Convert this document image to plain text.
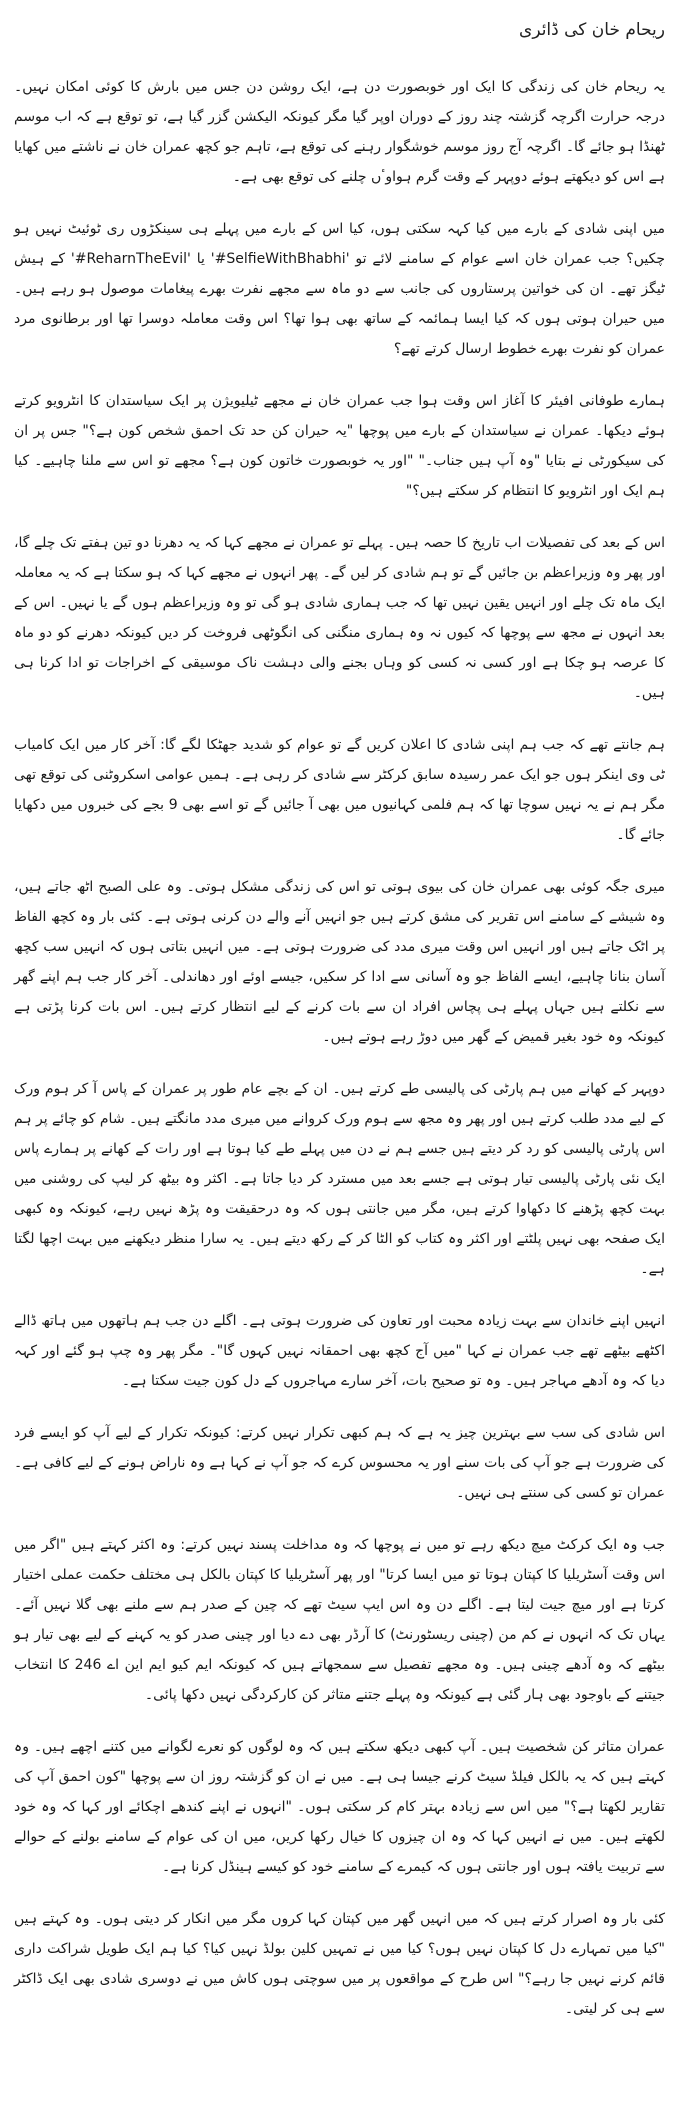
ریحام خان کی ڈائری

یہ ریحام خان کی زندگی کا ایک اور خوبصورت دن ہے، ایک روشن دن جس میں بارش کا کوئی امکان نہیں۔ درجہ حرارت اگرچہ گزشتہ چند روز کے دوران اوپر گیا مگر کیونکہ الیکشن گزر گیا ہے، تو توقع ہے کہ اب موسم ٹھنڈا ہو جائے گا۔ اگرچہ آج روز موسم خوشگوار رہنے کی توقع ہے، تاہم جو کچھ عمران خان نے ناشتے میں کھایا ہے اس کو دیکھتے ہوئے دوپہر کے وقت گرم ہواوٴں چلنے کی توقع بھی ہے۔

میں اپنی شادی کے بارے میں کیا کہہ سکتی ہوں، کیا اس کے بارے میں پہلے ہی سینکڑوں ری ٹوئیٹ نہیں ہو چکیں؟ جب عمران خان اسے عوام کے سامنے لائے تو 'SelfieWithBhabhi#' یا 'ReharnTheEvil#' کے ہیش ٹیگز تھے۔ ان کی خواتین پرستاروں کی جانب سے دو ماہ سے مجھے نفرت بھرے پیغامات موصول ہو رہے ہیں۔ میں حیران ہوتی ہوں کہ کیا ایسا ہمائمہ کے ساتھ بھی ہوا تھا؟ اس وقت معاملہ دوسرا تھا اور برطانوی مرد عمران کو نفرت بھرے خطوط ارسال کرتے تھے؟

ہمارے طوفانی افیئر کا آغاز اس وقت ہوا جب عمران خان نے مجھے ٹیلیویژن پر ایک سیاستدان کا انٹرویو کرتے ہوئے دیکھا۔ عمران نے سیاستدان کے بارے میں پوچھا "یہ حیران کن حد تک احمق شخص کون ہے؟" جس پر ان کی سیکورٹی نے بتایا "وہ آپ ہیں جناب۔" "اور یہ خوبصورت خاتون کون ہے؟ مجھے تو اس سے ملنا چاہیے۔ کیا ہم ایک اور انٹرویو کا انتظام کر سکتے ہیں؟"

اس کے بعد کی تفصیلات اب تاریخ کا حصہ ہیں۔ پہلے تو عمران نے مجھے کہا کہ یہ دھرنا دو تین ہفتے تک چلے گا، اور پھر وہ وزیراعظم بن جائیں گے تو ہم شادی کر لیں گے۔ پھر انہوں نے مجھے کہا کہ ہو سکتا ہے کہ یہ معاملہ ایک ماہ تک چلے اور انہیں یقین نہیں تھا کہ جب ہماری شادی ہو گی تو وہ وزیراعظم ہوں گے یا نہیں۔ اس کے بعد انہوں نے مجھ سے پوچھا کہ کیوں نہ وہ ہماری منگنی کی انگوٹھی فروخت کر دیں کیونکہ دھرنے کو دو ماہ کا عرصہ ہو چکا ہے اور کسی نہ کسی کو وہاں بجنے والی دہشت ناک موسیقی کے اخراجات تو ادا کرنا ہی ہیں۔

ہم جانتے تھے کہ جب ہم اپنی شادی کا اعلان کریں گے تو عوام کو شدید جھٹکا لگے گا: آخر کار میں ایک کامیاب ٹی وی اینکر ہوں جو ایک عمر رسیدہ سابق کرکٹر سے شادی کر رہی ہے۔ ہمیں عوامی اسکروٹنی کی توقع تھی مگر ہم نے یہ نہیں سوچا تھا کہ ہم فلمی کہانیوں میں بھی آ جائیں گے تو اسے بھی 9 بجے کی خبروں میں دکھایا جائے گا۔

میری جگہ کوئی بھی عمران خان کی بیوی ہوتی تو اس کی زندگی مشکل ہوتی۔ وہ علی الصبح اٹھ جاتے ہیں، وہ شیشے کے سامنے اس تقریر کی مشق کرتے ہیں جو انہیں آنے والے دن کرنی ہوتی ہے۔ کئی بار وہ کچھ الفاظ پر اٹک جاتے ہیں اور انہیں اس وقت میری مدد کی ضرورت ہوتی ہے۔ میں انہیں بتاتی ہوں کہ انہیں سب کچھ آسان بنانا چاہیے، ایسے الفاظ جو وہ آسانی سے ادا کر سکیں، جیسے اوئے اور دھاندلی۔ آخر کار جب ہم اپنے گھر سے نکلتے ہیں جہاں پہلے ہی پچاس افراد ان سے بات کرنے کے لیے انتظار کرتے ہیں۔ اس بات کرنا پڑتی ہے کیونکہ وہ خود بغیر قمیض کے گھر میں دوڑ رہے ہوتے ہیں۔

دوپہر کے کھانے میں ہم پارٹی کی پالیسی طے کرتے ہیں۔ ان کے بچے عام طور پر عمران کے پاس آ کر ہوم ورک کے لیے مدد طلب کرتے ہیں اور پھر وہ مجھ سے ہوم ورک کروانے میں میری مدد مانگتے ہیں۔ شام کو چائے پر ہم اس پارٹی پالیسی کو رد کر دیتے ہیں جسے ہم نے دن میں پہلے طے کیا ہوتا ہے اور رات کے کھانے پر ہمارے پاس ایک نئی پارٹی پالیسی تیار ہوتی ہے جسے بعد میں مسترد کر دیا جاتا ہے۔ اکثر وہ بیٹھ کر لیپ کی روشنی میں بہت کچھ پڑھنے کا دکھاوا کرتے ہیں، مگر میں جانتی ہوں کہ وہ درحقیقت وہ پڑھ نہیں رہے، کیونکہ وہ کبھی ایک صفحہ بھی نہیں پلٹتے اور اکثر وہ کتاب کو الٹا کر کے رکھ دیتے ہیں۔ یہ سارا منظر دیکھنے میں بہت اچھا لگتا ہے۔

انہیں اپنے خاندان سے بہت زیادہ محبت اور تعاون کی ضرورت ہوتی ہے۔ اگلے دن جب ہم ہاتھوں میں ہاتھ ڈالے اکٹھے بیٹھے تھے جب عمران نے کہا "میں آج کچھ بھی احمقانہ نہیں کہوں گا"۔ مگر پھر وہ چپ ہو گئے اور کہہ دیا کہ وہ آدھے مہاجر ہیں۔ وہ تو صحیح بات، آخر سارے مہاجروں کے دل کون جیت سکتا ہے۔

اس شادی کی سب سے بہترین چیز یہ ہے کہ ہم کبھی تکرار نہیں کرتے: کیونکہ تکرار کے لیے آپ کو ایسے فرد کی ضرورت ہے جو آپ کی بات سنے اور یہ محسوس کرے کہ جو آپ نے کہا ہے وہ ناراض ہونے کے لیے کافی ہے۔ عمران تو کسی کی سنتے ہی نہیں۔

جب وہ ایک کرکٹ میچ دیکھ رہے تو میں نے پوچھا کہ وہ مداخلت پسند نہیں کرتے: وہ اکثر کہتے ہیں "اگر میں اس وقت آسٹریلیا کا کپتان ہوتا تو میں ایسا کرتا" اور پھر آسٹریلیا کا کپتان بالکل ہی مختلف حکمت عملی اختیار کرتا ہے اور میچ جیت لیتا ہے۔ اگلے دن وہ اس ایپ سیٹ تھے کہ چین کے صدر ہم سے ملنے بھی گلا نہیں آئے۔ یہاں تک کہ انہوں نے کم من (چینی ریسٹورنٹ) کا آرڈر بھی دے دیا اور چینی صدر کو یہ کہنے کے لیے بھی تیار ہو بیٹھے کہ وہ آدھے چینی ہیں۔ وہ مجھے تفصیل سے سمجھاتے ہیں کہ کیونکہ ایم کیو ایم این اے 246 کا انتخاب جیتنے کے باوجود بھی ہار گئی ہے کیونکہ وہ پہلے جتنے متاثر کن کارکردگی نہیں دکھا پائی۔

عمران متاثر کن شخصیت ہیں۔ آپ کبھی دیکھ سکتے ہیں کہ وہ لوگوں کو نعرے لگوانے میں کتنے اچھے ہیں۔ وہ کہتے ہیں کہ یہ بالکل فیلڈ سیٹ کرنے جیسا ہی ہے۔ میں نے ان کو گزشتہ روز ان سے پوچھا "کون احمق آپ کی تقاریر لکھتا ہے؟" میں اس سے زیادہ بہتر کام کر سکتی ہوں۔ "انہوں نے اپنے کندھے اچکائے اور کہا کہ وہ خود لکھتے ہیں۔ میں نے انہیں کہا کہ وہ ان چیزوں کا خیال رکھا کریں، میں ان کی عوام کے سامنے بولنے کے حوالے سے تربیت یافتہ ہوں اور جانتی ہوں کہ کیمرے کے سامنے خود کو کیسے ہینڈل کرنا ہے۔

کئی بار وہ اصرار کرتے ہیں کہ میں انہیں گھر میں کپتان کہا کروں مگر میں انکار کر دیتی ہوں۔ وہ کہتے ہیں "کیا میں تمہارے دل کا کپتان نہیں ہوں؟ کیا میں نے تمہیں کلین بولڈ نہیں کیا؟ کیا ہم ایک طویل شراکت داری قائم کرنے نہیں جا رہے؟" اس طرح کے مواقعوں پر میں سوچتی ہوں کاش میں نے دوسری شادی بھی ایک ڈاکٹر سے ہی کر لیتی۔
